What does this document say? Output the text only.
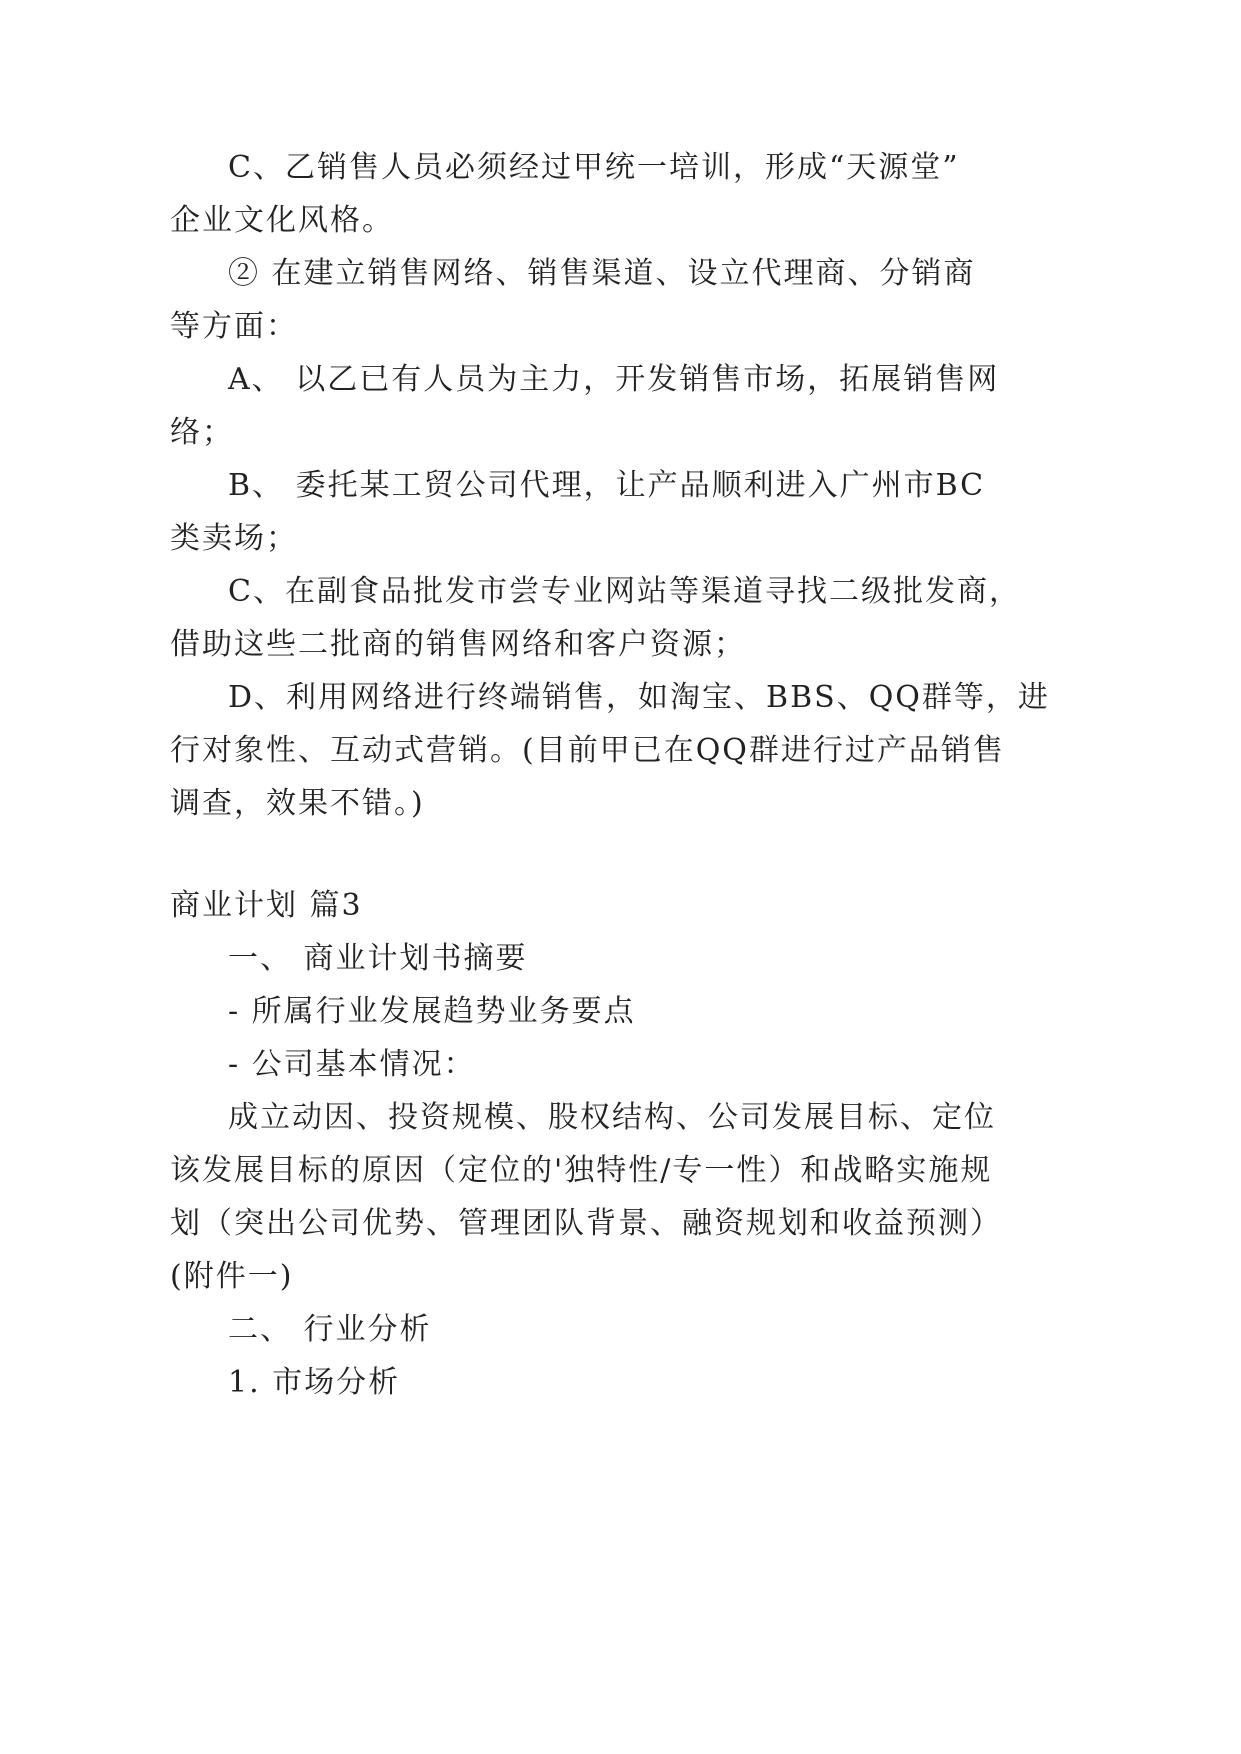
C、乙销售人员必须经过甲统一培训，形成“天源堂”
企业文化风格。
② 在建立销售网络、销售渠道、设立代理商、分销商
等方面：
A、 以乙已有人员为主力，开发销售市场，拓展销售网
络；
B、 委托某工贸公司代理，让产品顺利进入广州市BC
类卖场；
C、在副食品批发市尝专业网站等渠道寻找二级批发商，
借助这些二批商的销售网络和客户资源；
D、利用网络进行终端销售，如淘宝、BBS、QQ群等，进
行对象性、互动式营销。(目前甲已在QQ群进行过产品销售
调查，效果不错。)
商业计划 篇3
一、 商业计划书摘要
- 所属行业发展趋势业务要点
- 公司基本情况：
成立动因、投资规模、股权结构、公司发展目标、定位
该发展目标的原因（定位的'独特性/专一性）和战略实施规
划（突出公司优势、管理团队背景、融资规划和收益预测）
(附件一)
二、 行业分析
1. 市场分析
